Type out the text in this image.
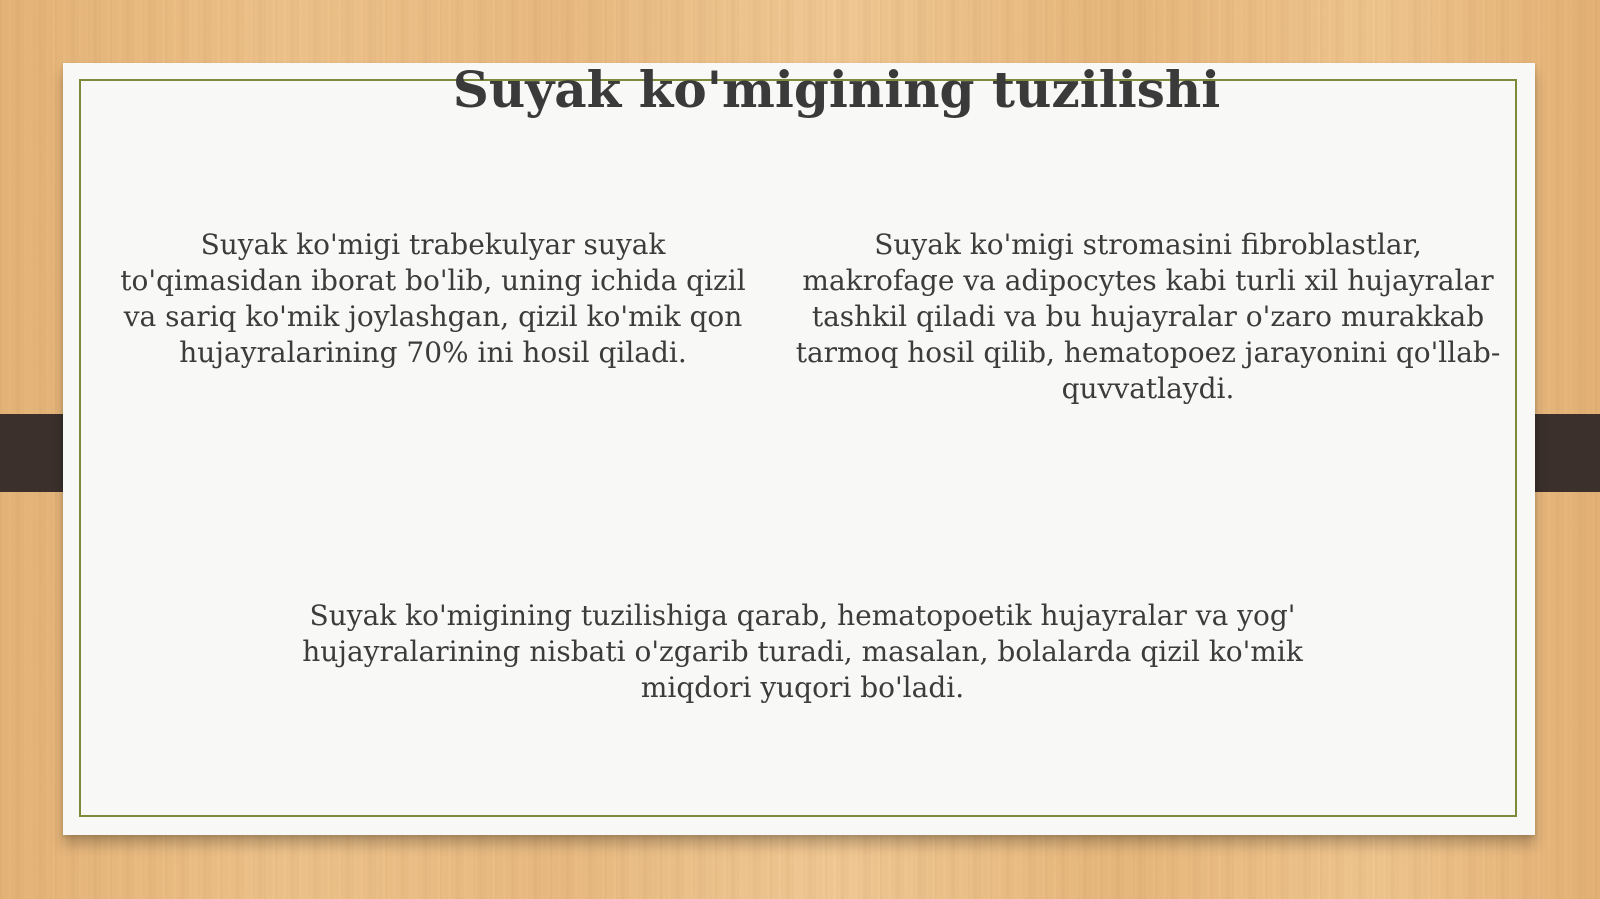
Suyak ko'migining tuzilishi

Suyak ko'migi trabekulyar suyak to'qimasidan iborat bo'lib, uning ichida qizil va sariq ko'mik joylashgan, qizil ko'mik qon hujayralarining 70% ini hosil qiladi.

Suyak ko'migi stromasini fibroblastlar, makrofage va adipocytes kabi turli xil hujayralar tashkil qiladi va bu hujayralar o'zaro murakkab tarmoq hosil qilib, hematopoez jarayonini qo'llab-quvvatlaydi.

Suyak ko'migining tuzilishiga qarab, hematopoetik hujayralar va yog' hujayralarining nisbati o'zgarib turadi, masalan, bolalarda qizil ko'mik miqdori yuqori bo'ladi.
